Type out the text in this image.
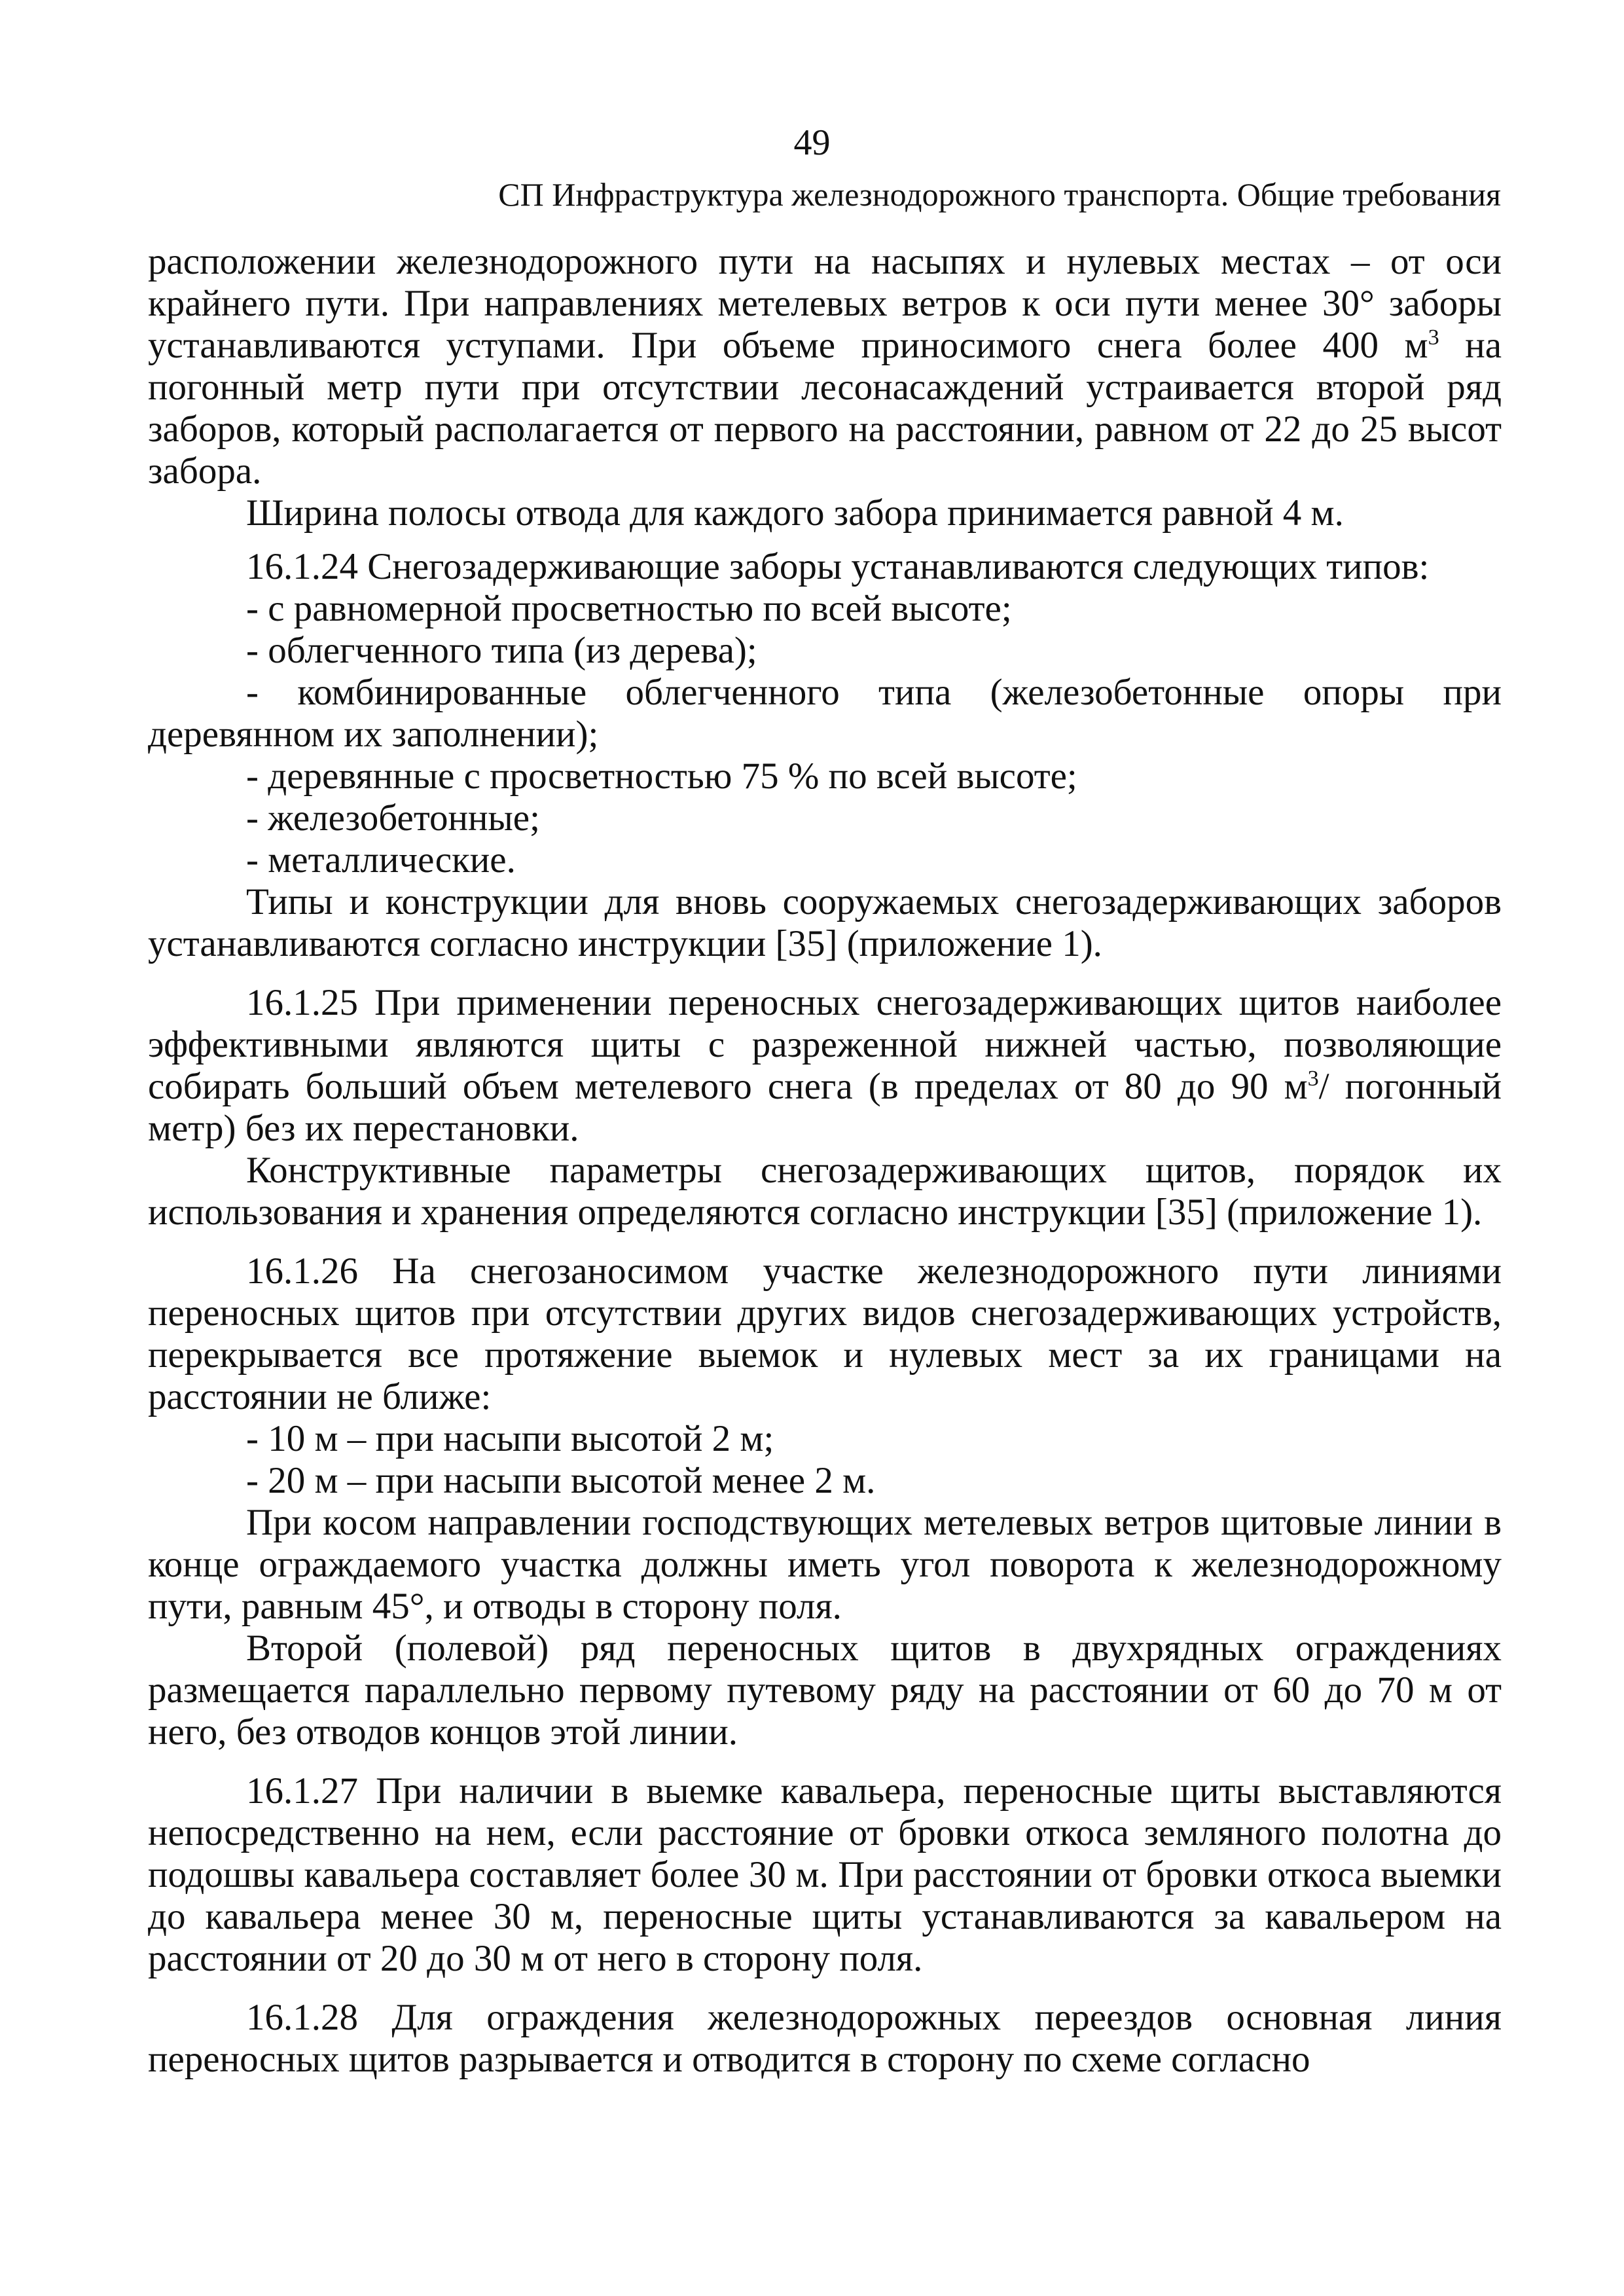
49
СП Инфраструктура железнодорожного транспорта. Общие требования

расположении железнодорожного пути на насыпях и нулевых местах – от оси крайнего пути. При направлениях метелевых ветров к оси пути менее 30° заборы устанавливаются уступами. При объеме приносимого снега более 400 $м^3$ на погонный метр пути при отсутствии лесонасаждений устраивается второй ряд заборов, который располагается от первого на расстоянии, равном от 22 до 25 высот забора.

Ширина полосы отвода для каждого забора принимается равной 4 м.

16.1.24 Снегозадерживающие заборы устанавливаются следующих типов:

- с равномерной просветностью по всей высоте;

- облегченного типа (из дерева);

- комбинированные облегченного типа (железобетонные опоры при деревянном их заполнении);

- деревянные с просветностью 75 % по всей высоте;

- железобетонные;

- металлические.

Типы и конструкции для вновь сооружаемых снегозадерживающих заборов устанавливаются согласно инструкции [35] (приложение 1).

16.1.25 При применении переносных снегозадерживающих щитов наиболее эффективными являются щиты с разреженной нижней частью, позволяющие собирать больший объем метелевого снега (в пределах от 80 до 90 $м^3/$ погонный метр) без их перестановки.

Конструктивные параметры снегозадерживающих щитов, порядок их использования и хранения определяются согласно инструкции [35] (приложение 1).

16.1.26 На снегозаносимом участке железнодорожного пути линиями переносных щитов при отсутствии других видов снегозадерживающих устройств, перекрывается все протяжение выемок и нулевых мест за их границами на расстоянии не ближе:

- 10 м – при насыпи высотой 2 м;

- 20 м – при насыпи высотой менее 2 м.

При косом направлении господствующих метелевых ветров щитовые линии в конце ограждаемого участка должны иметь угол поворота к железнодорожному пути, равным 45°, и отводы в сторону поля.

Второй (полевой) ряд переносных щитов в двухрядных ограждениях размещается параллельно первому путевому ряду на расстоянии от 60 до 70 м от него, без отводов концов этой линии.

16.1.27 При наличии в выемке кавальера, переносные щиты выставляются непосредственно на нем, если расстояние от бровки откоса земляного полотна до подошвы кавальера составляет более 30 м. При расстоянии от бровки откоса выемки до кавальера менее 30 м, переносные щиты устанавливаются за кавальером на расстоянии от 20 до 30 м от него в сторону поля.

16.1.28 Для ограждения железнодорожных переездов основная линия переносных щитов разрывается и отводится в сторону по схеме согласно
